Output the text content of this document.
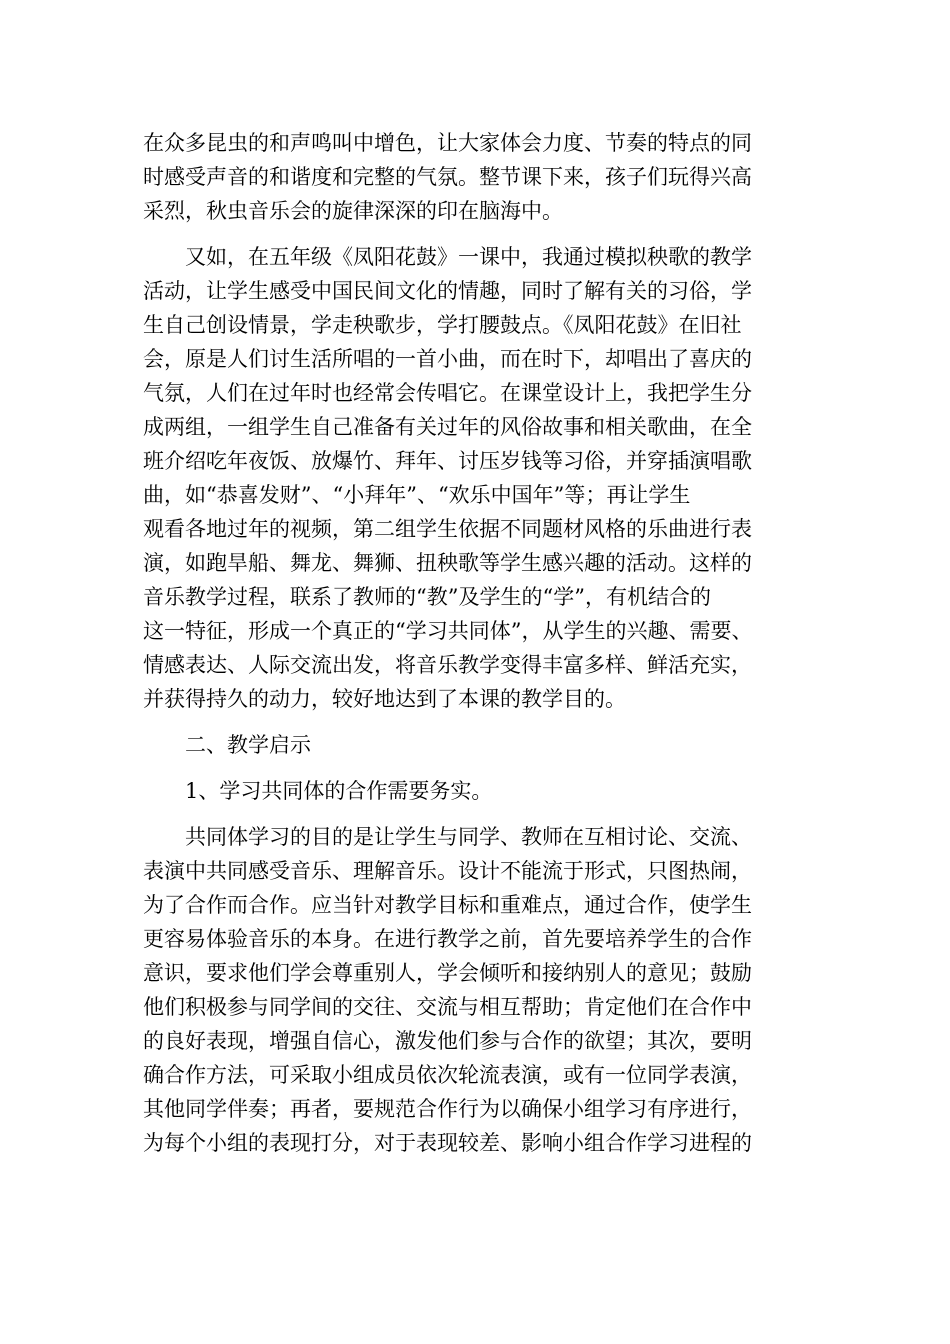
在众多昆虫的和声鸣叫中增色，让大家体会力度、节奏的特点的同
时感受声音的和谐度和完整的气氛。整节课下来，孩子们玩得兴高
采烈，秋虫音乐会的旋律深深的印在脑海中。
　　又如，在五年级《凤阳花鼓》一课中，我通过模拟秧歌的教学
活动，让学生感受中国民间文化的情趣，同时了解有关的习俗，学
生自己创设情景，学走秧歌步，学打腰鼓点。《凤阳花鼓》在旧社
会，原是人们讨生活所唱的一首小曲，而在时下，却唱出了喜庆的
气氛，人们在过年时也经常会传唱它。在课堂设计上，我把学生分
成两组，一组学生自己准备有关过年的风俗故事和相关歌曲，在全
班介绍吃年夜饭、放爆竹、拜年、讨压岁钱等习俗，并穿插演唱歌
曲，如“恭喜发财”、“小拜年”、“欢乐中国年”等；再让学生
观看各地过年的视频，第二组学生依据不同题材风格的乐曲进行表
演，如跑旱船、舞龙、舞狮、扭秧歌等学生感兴趣的活动。这样的
音乐教学过程，联系了教师的“教”及学生的“学”，有机结合的
这一特征，形成一个真正的“学习共同体”，从学生的兴趣、需要、
情感表达、人际交流出发，将音乐教学变得丰富多样、鲜活充实，
并获得持久的动力，较好地达到了本课的教学目的。
　　二、教学启示
　　1、学习共同体的合作需要务实。
　　共同体学习的目的是让学生与同学、教师在互相讨论、交流、
表演中共同感受音乐、理解音乐。设计不能流于形式，只图热闹，
为了合作而合作。应当针对教学目标和重难点，通过合作，使学生
更容易体验音乐的本身。在进行教学之前，首先要培养学生的合作
意识，要求他们学会尊重别人，学会倾听和接纳别人的意见；鼓励
他们积极参与同学间的交往、交流与相互帮助；肯定他们在合作中
的良好表现，增强自信心，激发他们参与合作的欲望；其次，要明
确合作方法，可采取小组成员依次轮流表演，或有一位同学表演，
其他同学伴奏；再者，要规范合作行为以确保小组学习有序进行，
为每个小组的表现打分，对于表现较差、影响小组合作学习进程的
